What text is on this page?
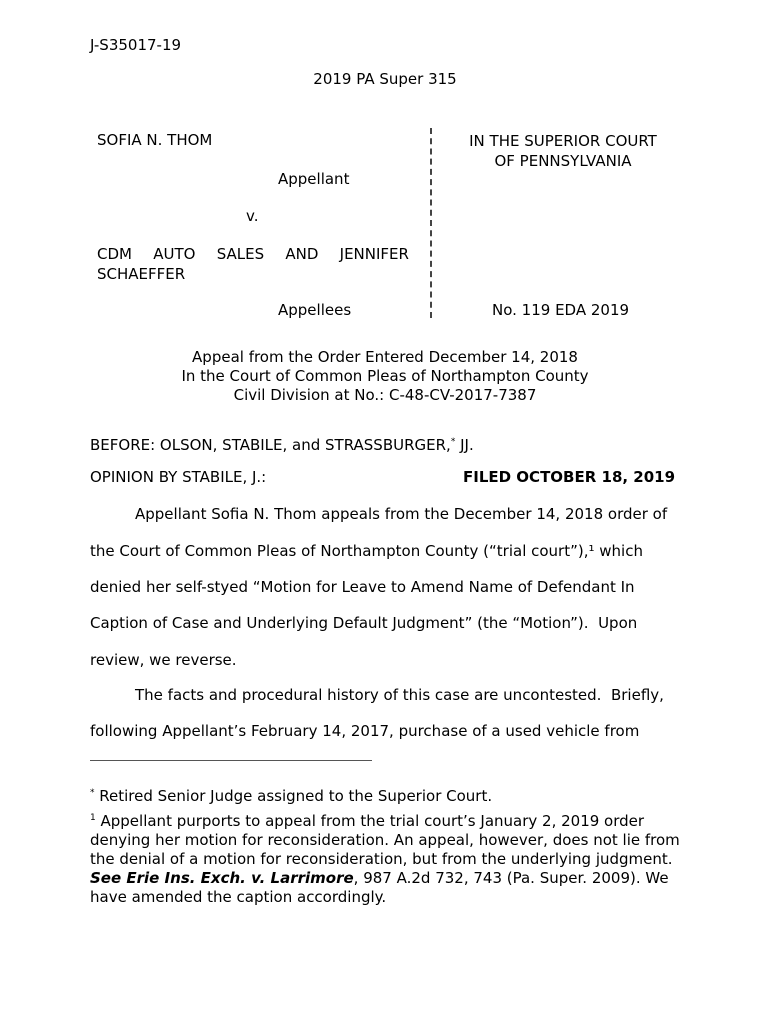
J-S35017-19
2019 PA Super 315
SOFIA N. THOM
Appellant
v.
CDM AUTO SALES AND JENNIFER
SCHAEFFER
Appellees
IN THE SUPERIOR COURT
OF PENNSYLVANIA
No. 119 EDA 2019
Appeal from the Order Entered December 14, 2018
In the Court of Common Pleas of Northampton County
Civil Division at No.: C-48-CV-2017-7387
BEFORE: OLSON, STABILE, and STRASSBURGER,* JJ.
OPINION BY STABILE, J.:	FILED OCTOBER 18, 2019
Appellant Sofia N. Thom appeals from the December 14, 2018 order of
the Court of Common Pleas of Northampton County (“trial court”),¹ which
denied her self-styed “Motion for Leave to Amend Name of Defendant In
Caption of Case and Underlying Default Judgment” (the “Motion”).  Upon
review, we reverse.
The facts and procedural history of this case are uncontested.  Briefly,
following Appellant’s February 14, 2017, purchase of a used vehicle from
* Retired Senior Judge assigned to the Superior Court.
$^1$ Appellant purports to appeal from the trial court’s January 2, 2019 order denying her motion for reconsideration. An appeal, however, does not lie from the denial of a motion for reconsideration, but from the underlying judgment. See Erie Ins. Exch. v. Larrimore, 987 A.2d 732, 743 (Pa. Super. 2009). We have amended the caption accordingly.
